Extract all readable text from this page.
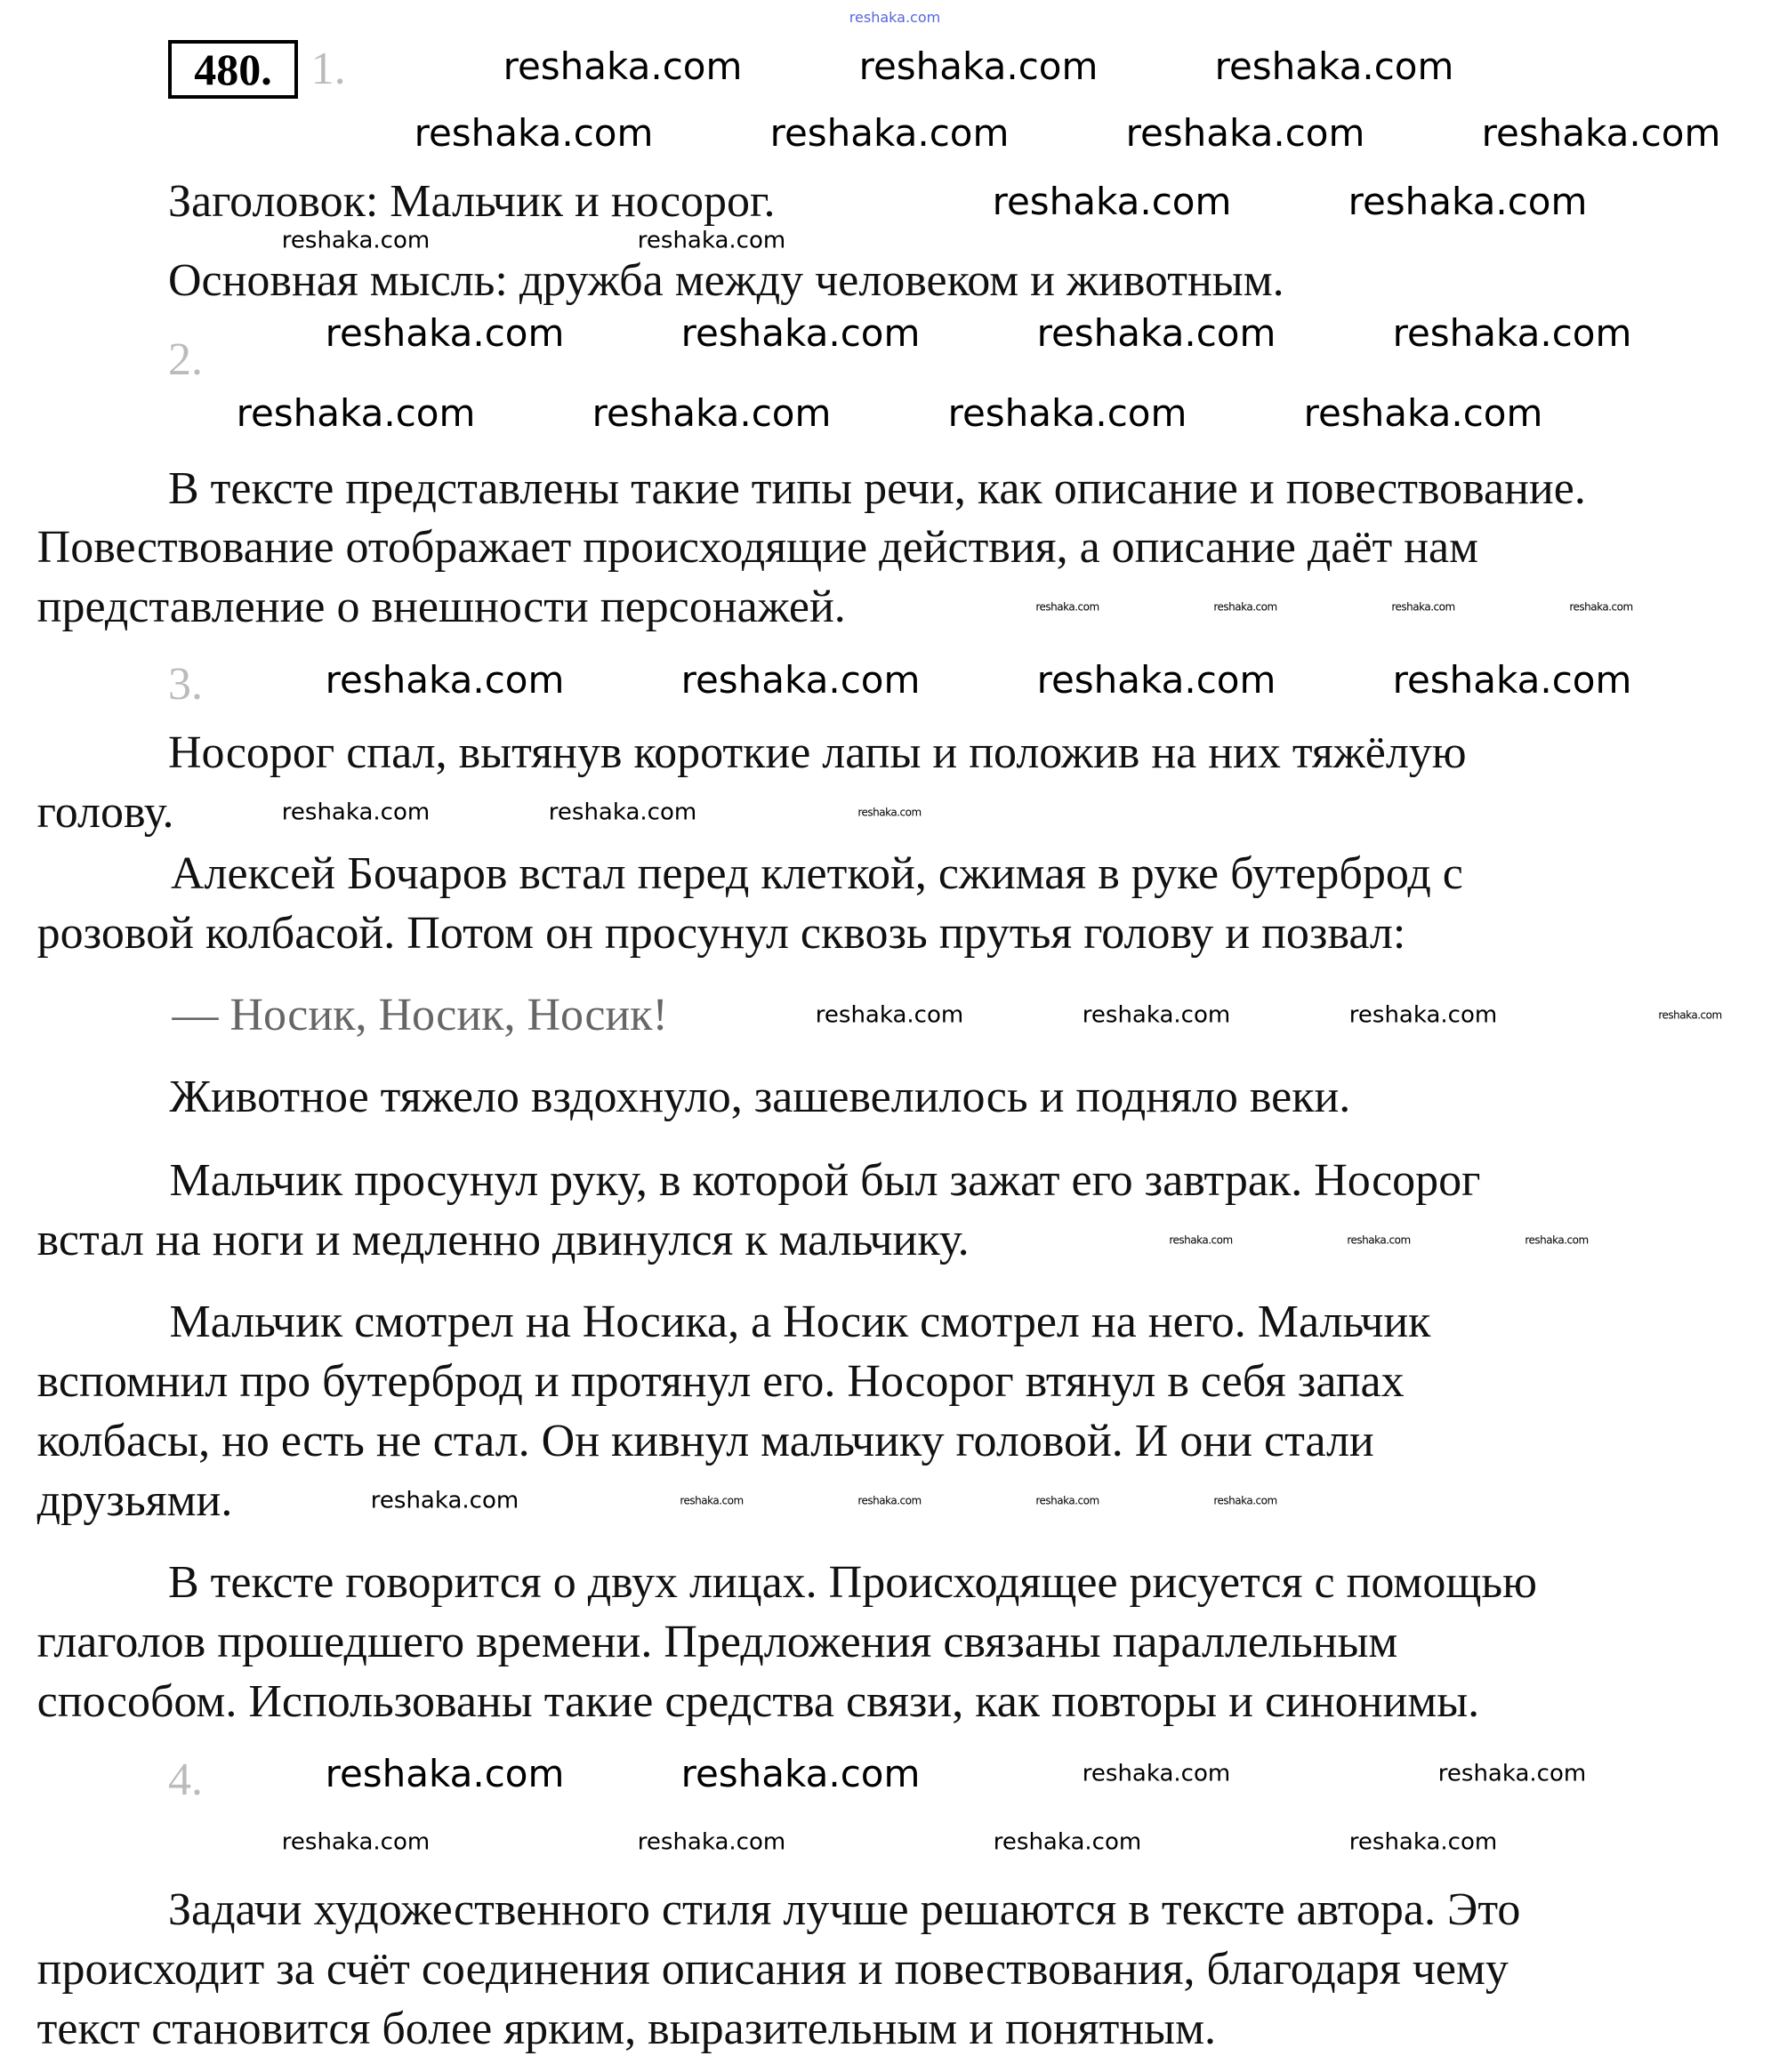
480. 1.
Заголовок: Мальчик и носорог.
Основная мысль: дружба между человеком и животным.
2.
В тексте представлены такие типы речи, как описание и повествование.
Повествование отображает происходящие действия, а описание даёт нам
представление о внешности персонажей.
3.
Носорог спал, вытянув короткие лапы и положив на них тяжёлую
голову.
Алексей Бочаров встал перед клеткой, сжимая в руке бутерброд с
розовой колбасой. Потом он просунул сквозь прутья голову и позвал:
— Носик, Носик, Носик!
Животное тяжело вздохнуло, зашевелилось и подняло веки.
Мальчик просунул руку, в которой был зажат его завтрак. Носорог
встал на ноги и медленно двинулся к мальчику.
Мальчик смотрел на Носика, а Носик смотрел на него. Мальчик
вспомнил про бутерброд и протянул его. Носорог втянул в себя запах
колбасы, но есть не стал. Он кивнул мальчику головой. И они стали
друзьями.
В тексте говорится о двух лицах. Происходящее рисуется с помощью
глаголов прошедшего времени. Предложения связаны параллельным
способом. Использованы такие средства связи, как повторы и синонимы.
4.
Задачи художественного стиля лучше решаются в тексте автора. Это
происходит за счёт соединения описания и повествования, благодаря чему
текст становится более ярким, выразительным и понятным.
reshaka.com
reshaka.com	reshaka.com	reshaka.com	reshaka.com
reshaka.com	reshaka.com	reshaka.com
reshaka.com	reshaka.com
reshaka.com	reshaka.com	reshaka.com	reshaka.com
reshaka.com	reshaka.com	reshaka.com	reshaka.com
reshaka.com	reshaka.com	reshaka.com	reshaka.com
reshaka.com	reshaka.com	reshaka.com	reshaka.com
reshaka.com	reshaka.com	reshaka.com	reshaka.com
reshaka.com	reshaka.com
reshaka.com	reshaka.com	reshaka.com
reshaka.com	reshaka.com
reshaka.com
reshaka.com	reshaka.com	reshaka.com	reshaka.com
reshaka.com	reshaka.com	reshaka.com
reshaka.com
reshaka.com	reshaka.com	reshaka.com	reshaka.com
reshaka.com
